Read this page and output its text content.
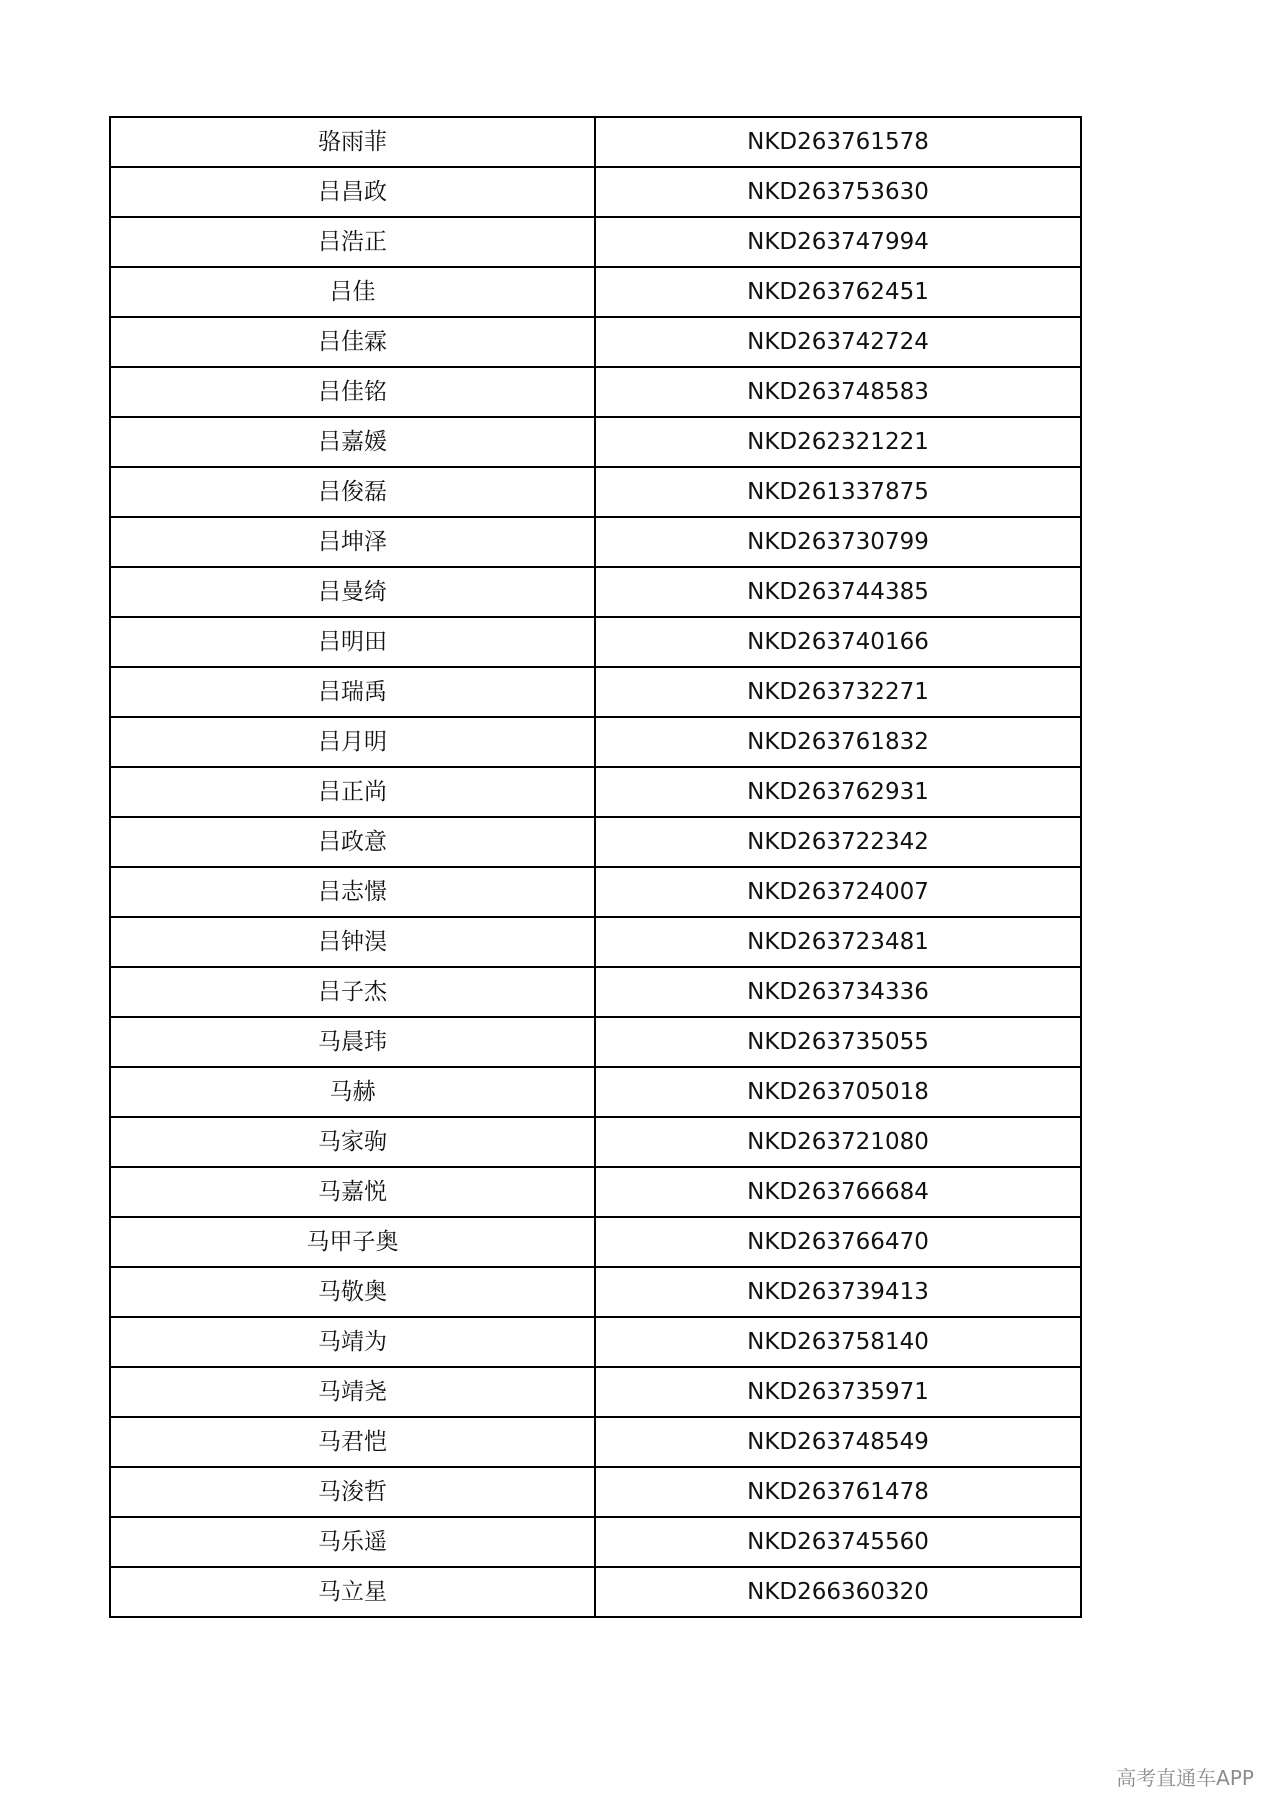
骆雨菲	NKD263761578
吕昌政	NKD263753630
吕浩正	NKD263747994
吕佳	NKD263762451
吕佳霖	NKD263742724
吕佳铭	NKD263748583
吕嘉媛	NKD262321221
吕俊磊	NKD261337875
吕坤泽	NKD263730799
吕曼绮	NKD263744385
吕明田	NKD263740166
吕瑞禹	NKD263732271
吕月明	NKD263761832
吕正尚	NKD263762931
吕政意	NKD263722342
吕志憬	NKD263724007
吕钟淏	NKD263723481
吕子杰	NKD263734336
马晨玮	NKD263735055
马赫	NKD263705018
马家驹	NKD263721080
马嘉悦	NKD263766684
马甲子奥	NKD263766470
马敬奥	NKD263739413
马靖为	NKD263758140
马靖尧	NKD263735971
马君恺	NKD263748549
马浚哲	NKD263761478
马乐遥	NKD263745560
马立星	NKD266360320
高考直通车APP
